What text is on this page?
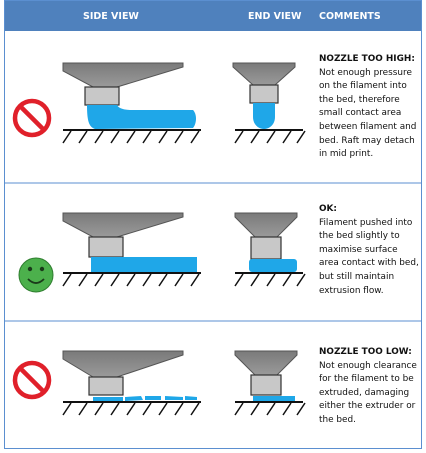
SIDE VIEW	END VIEW COMMENTS
NOZZLE TOO HIGH:
Not enough pressure on the filament into the bed, therefore small contact area between filament and bed. Raft may detach in mid print.
OK:
Filament pushed into the bed slightly to maximise surface area contact with bed, but still maintain extrusion flow.
NOZZLE TOO LOW:
Not enough clearance for the filament to be extruded, damaging either the extruder or the bed.
